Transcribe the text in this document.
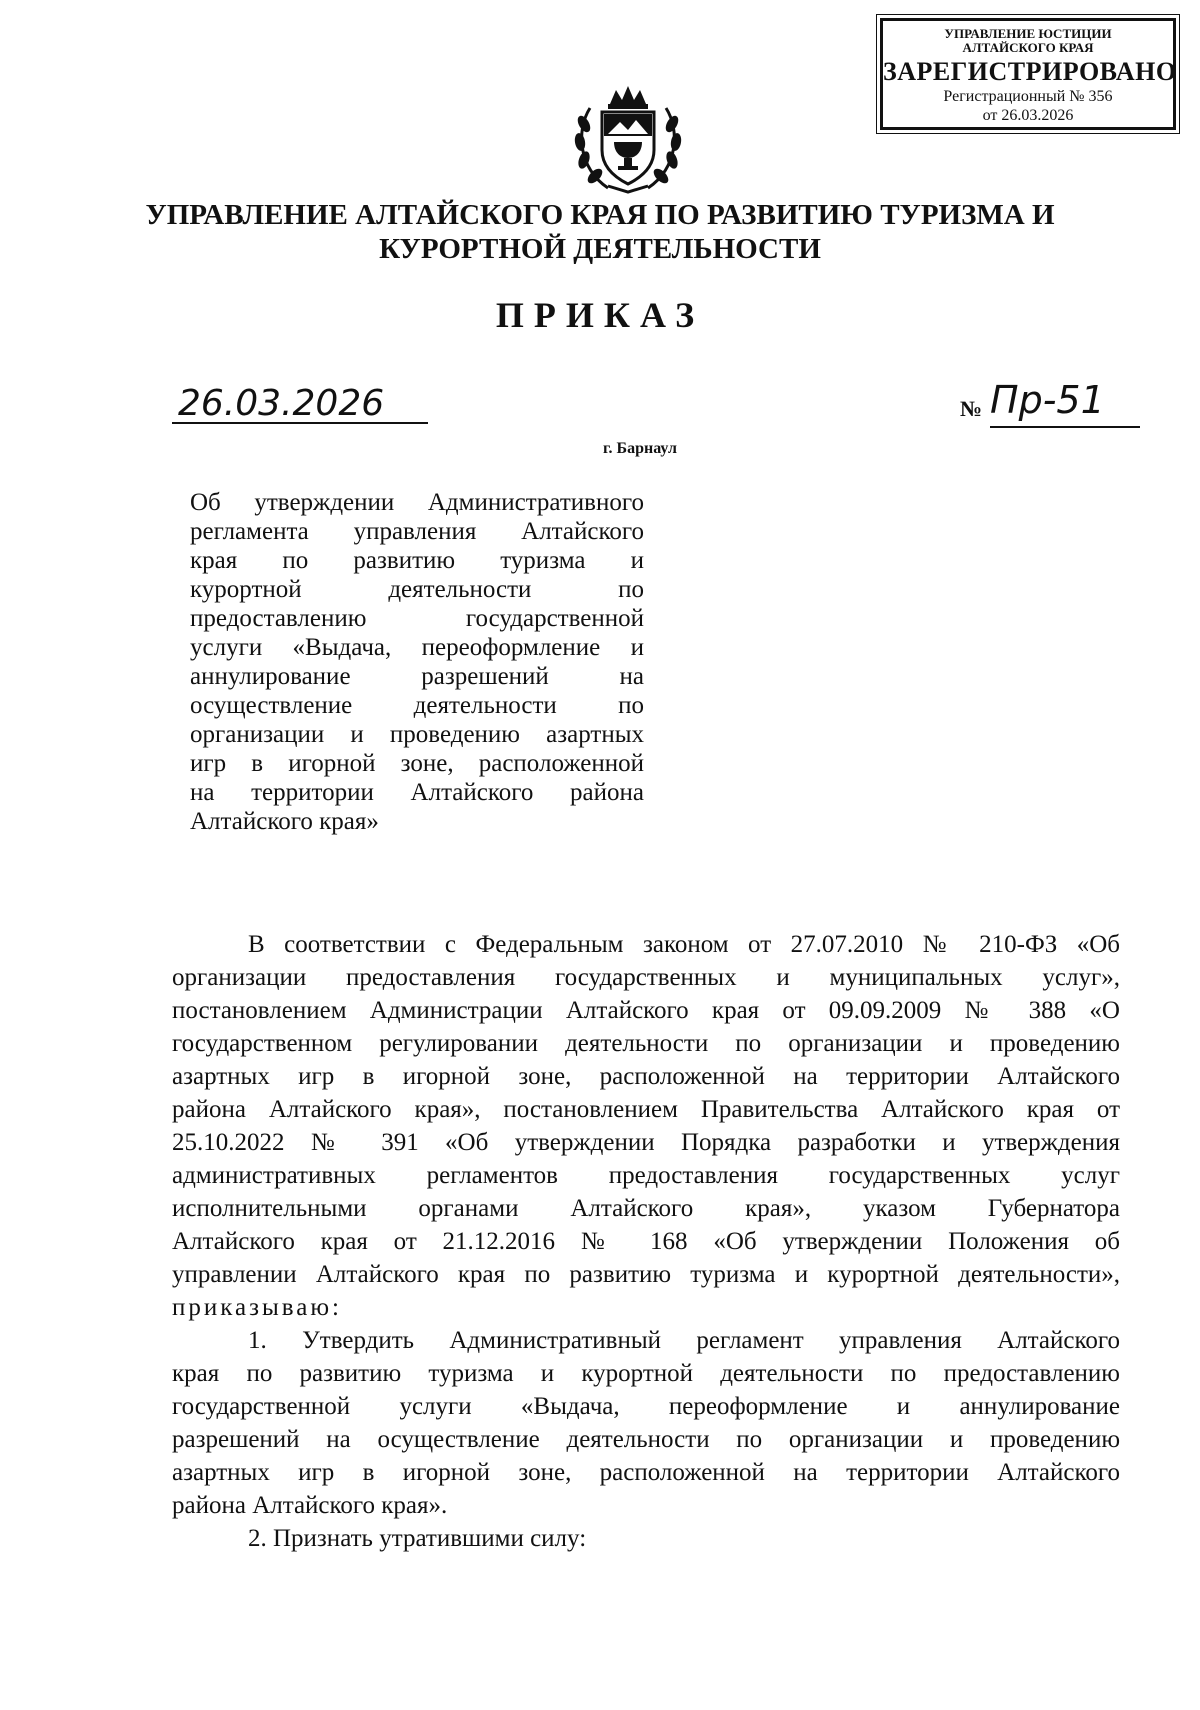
УПРАВЛЕНИЕ ЮСТИЦИИ
АЛТАЙСКОГО КРАЯ
ЗАРЕГИСТРИРОВАНО
Регистрационный № 356
от 26.03.2026
УПРАВЛЕНИЕ АЛТАЙСКОГО КРАЯ ПО РАЗВИТИЮ ТУРИЗМА И
КУРОРТНОЙ ДЕЯТЕЛЬНОСТИ
ПРИКАЗ
26.03.2026	№ Пр-51
г. Барнаул
Об утверждении Административного
регламента управления Алтайского
края по развитию туризма и
курортной деятельности по
предоставлению государственной
услуги «Выдача, переоформление и
аннулирование разрешений на
осуществление деятельности по
организации и проведению азартных
игр в игорной зоне, расположенной
на территории Алтайского района
Алтайского края»
В соответствии с Федеральным законом от 27.07.2010 № 210-ФЗ «Об
организации предоставления государственных и муниципальных услуг»,
постановлением Администрации Алтайского края от 09.09.2009 № 388 «О
государственном регулировании деятельности по организации и проведению
азартных игр в игорной зоне, расположенной на территории Алтайского
района Алтайского края», постановлением Правительства Алтайского края от
25.10.2022 № 391 «Об утверждении Порядка разработки и утверждения
административных регламентов предоставления государственных услуг
исполнительными органами Алтайского края», указом Губернатора
Алтайского края от 21.12.2016 № 168 «Об утверждении Положения об
управлении Алтайского края по развитию туризма и курортной деятельности»,
приказываю:
1. Утвердить Административный регламент управления Алтайского
края по развитию туризма и курортной деятельности по предоставлению
государственной услуги «Выдача, переоформление и аннулирование
разрешений на осуществление деятельности по организации и проведению
азартных игр в игорной зоне, расположенной на территории Алтайского
района Алтайского края».
2. Признать утратившими силу:
